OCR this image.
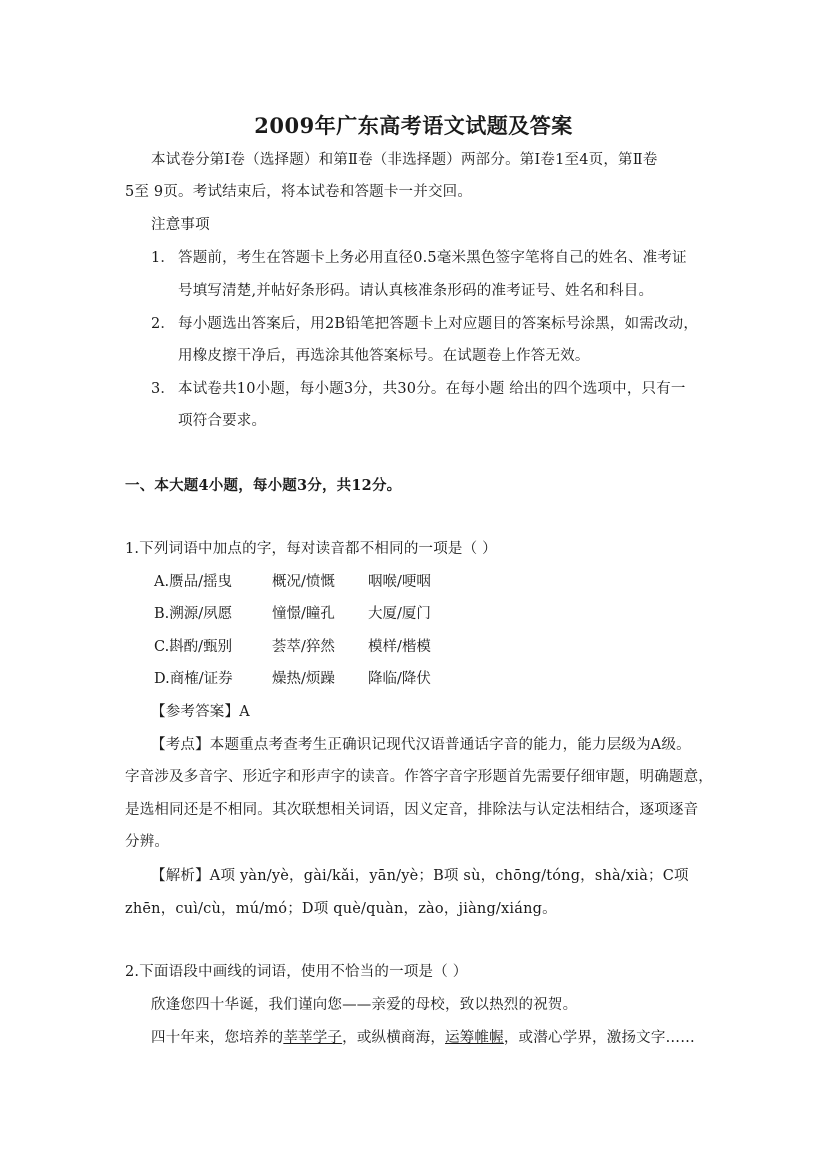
2009年广东高考语文试题及答案
本试卷分第Ⅰ卷（选择题）和第Ⅱ卷（非选择题）两部分。第Ⅰ卷1至4页，第Ⅱ卷
5至 9页。考试结束后，将本试卷和答题卡一并交回。
注意事项
1． 答题前，考生在答题卡上务必用直径0.5毫米黑色签字笔将自己的姓名、准考证
号填写清楚,并帖好条形码。请认真核准条形码的准考证号、姓名和科目。
2． 每小题选出答案后，用2B铅笔把答题卡上对应题目的答案标号涂黑，如需改动，
用橡皮擦干净后，再选涂其他答案标号。在试题卷上作答无效。
3． 本试卷共10小题，每小题3分，共30分。在每小题 给出的四个选项中，只有一
项符合要求。
一、本大题4小题，每小题3分，共12分。
1.下列词语中加点的字，每对读音都不相同的一项是（ ）
A.赝品/摇曳	概况/愤慨 咽喉/哽咽
B.溯源/夙愿	憧憬/瞳孔 大厦/厦门
C.斟酌/甄别	荟萃/猝然 模样/楷模
D.商榷/证券	燥热/烦躁 降临/降伏
【参考答案】A
【考点】本题重点考查考生正确识记现代汉语普通话字音的能力，能力层级为A级。
字音涉及多音字、形近字和形声字的读音。作答字音字形题首先需要仔细审题，明确题意，
是选相同还是不相同。其次联想相关词语，因义定音，排除法与认定法相结合，逐项逐音
分辨。
【解析】A项 yàn/yè，gài/kǎi，yān/yè；B项 sù，chōng/tóng，shà/xià；C项
zhēn，cuì/cù，mú/mó；D项 què/quàn，zào，jiàng/xiáng。
2.下面语段中画线的词语，使用不恰当的一项是（ ）
欣逢您四十华诞，我们谨向您——亲爱的母校，致以热烈的祝贺。
四十年来，您培养的莘莘学子，或纵横商海，运筹帷幄，或潜心学界，激扬文字……
